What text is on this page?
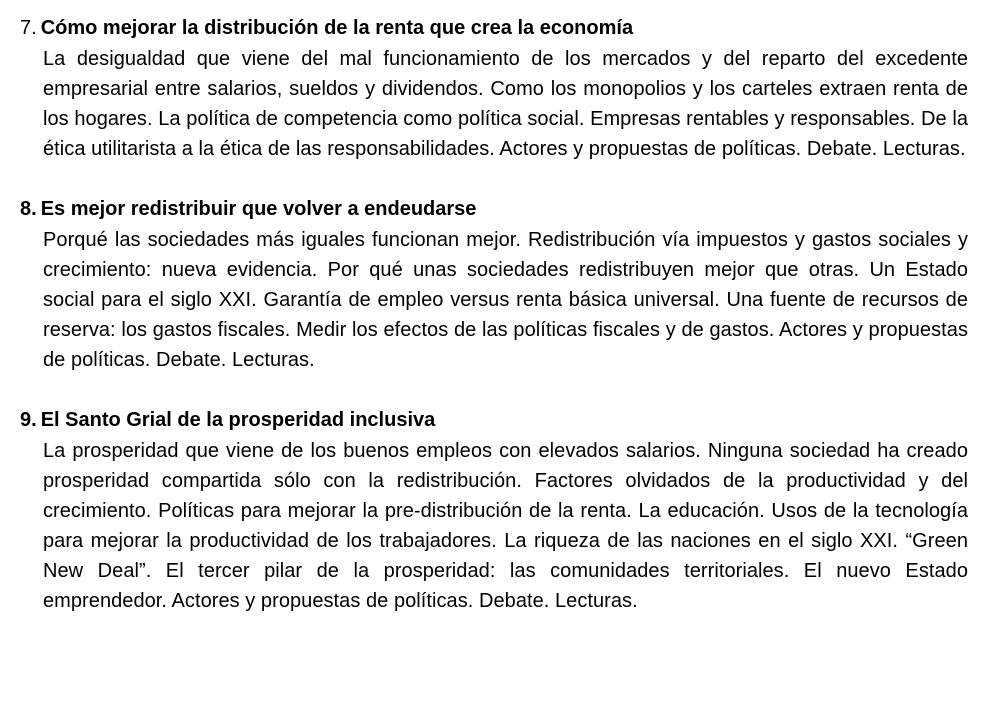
7. Cómo mejorar la distribución de la renta que crea la economía

La desigualdad que viene del mal funcionamiento de los mercados y del reparto del excedente empresarial entre salarios, sueldos y dividendos. Como los monopolios y los carteles extraen renta de los hogares. La política de competencia como política social. Empresas rentables y responsables. De la ética utilitarista a la ética de las responsabilidades. Actores y propuestas de políticas. Debate. Lecturas.

8. Es mejor redistribuir que volver a endeudarse

Porqué las sociedades más iguales funcionan mejor. Redistribución vía impuestos y gastos sociales y crecimiento: nueva evidencia. Por qué unas sociedades redistribuyen mejor que otras. Un Estado social para el siglo XXI. Garantía de empleo versus renta básica universal. Una fuente de recursos de reserva: los gastos fiscales. Medir los efectos de las políticas fiscales y de gastos. Actores y propuestas de políticas. Debate. Lecturas.

9. El Santo Grial de la prosperidad inclusiva

La prosperidad que viene de los buenos empleos con elevados salarios. Ninguna sociedad ha creado prosperidad compartida sólo con la redistribución. Factores olvidados de la productividad y del crecimiento. Políticas para mejorar la pre-distribución de la renta. La educación. Usos de la tecnología para mejorar la productividad de los trabajadores. La riqueza de las naciones en el siglo XXI. “Green New Deal”. El tercer pilar de la prosperidad: las comunidades territoriales. El nuevo Estado emprendedor. Actores y propuestas de políticas. Debate. Lecturas.
